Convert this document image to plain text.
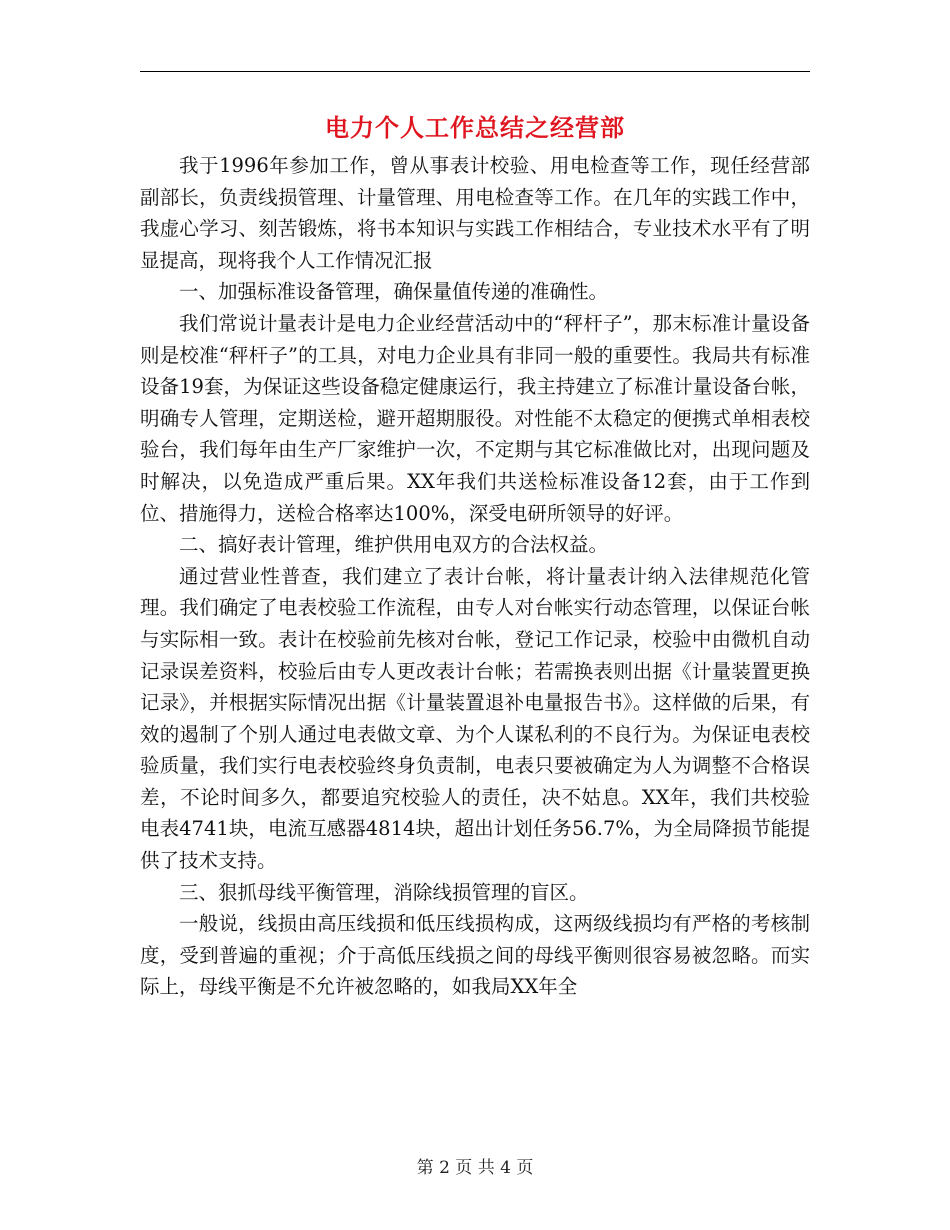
电力个人工作总结之经营部

我于1996年参加工作，曾从事表计校验、用电检查等工作，现任经营部副部长，负责线损管理、计量管理、用电检查等工作。在几年的实践工作中，我虚心学习、刻苦锻炼，将书本知识与实践工作相结合，专业技术水平有了明显提高，现将我个人工作情况汇报

一、加强标准设备管理，确保量值传递的准确性。

我们常说计量表计是电力企业经营活动中的“秤杆子”，那末标准计量设备则是校准“秤杆子”的工具，对电力企业具有非同一般的重要性。我局共有标准设备19套，为保证这些设备稳定健康运行，我主持建立了标准计量设备台帐，明确专人管理，定期送检，避开超期服役。对性能不太稳定的便携式单相表校验台，我们每年由生产厂家维护一次，不定期与其它标准做比对，出现问题及时解决，以免造成严重后果。XX年我们共送检标准设备12套，由于工作到位、措施得力，送检合格率达100%，深受电研所领导的好评。

二、搞好表计管理，维护供用电双方的合法权益。

通过营业性普查，我们建立了表计台帐，将计量表计纳入法律规范化管理。我们确定了电表校验工作流程，由专人对台帐实行动态管理，以保证台帐与实际相一致。表计在校验前先核对台帐，登记工作记录，校验中由微机自动记录误差资料，校验后由专人更改表计台帐；若需换表则出据《计量装置更换记录》，并根据实际情况出据《计量装置退补电量报告书》。这样做的后果，有效的遏制了个别人通过电表做文章、为个人谋私利的不良行为。为保证电表校验质量，我们实行电表校验终身负责制，电表只要被确定为人为调整不合格误差，不论时间多久，都要追究校验人的责任，决不姑息。XX年，我们共校验电表4741块，电流互感器4814块，超出计划任务56.7%，为全局降损节能提供了技术支持。

三、狠抓母线平衡管理，消除线损管理的盲区。

一般说，线损由高压线损和低压线损构成，这两级线损均有严格的考核制度，受到普遍的重视；介于高低压线损之间的母线平衡则很容易被忽略。而实际上，母线平衡是不允许被忽略的，如我局XX年全

第 2 页 共 4 页
